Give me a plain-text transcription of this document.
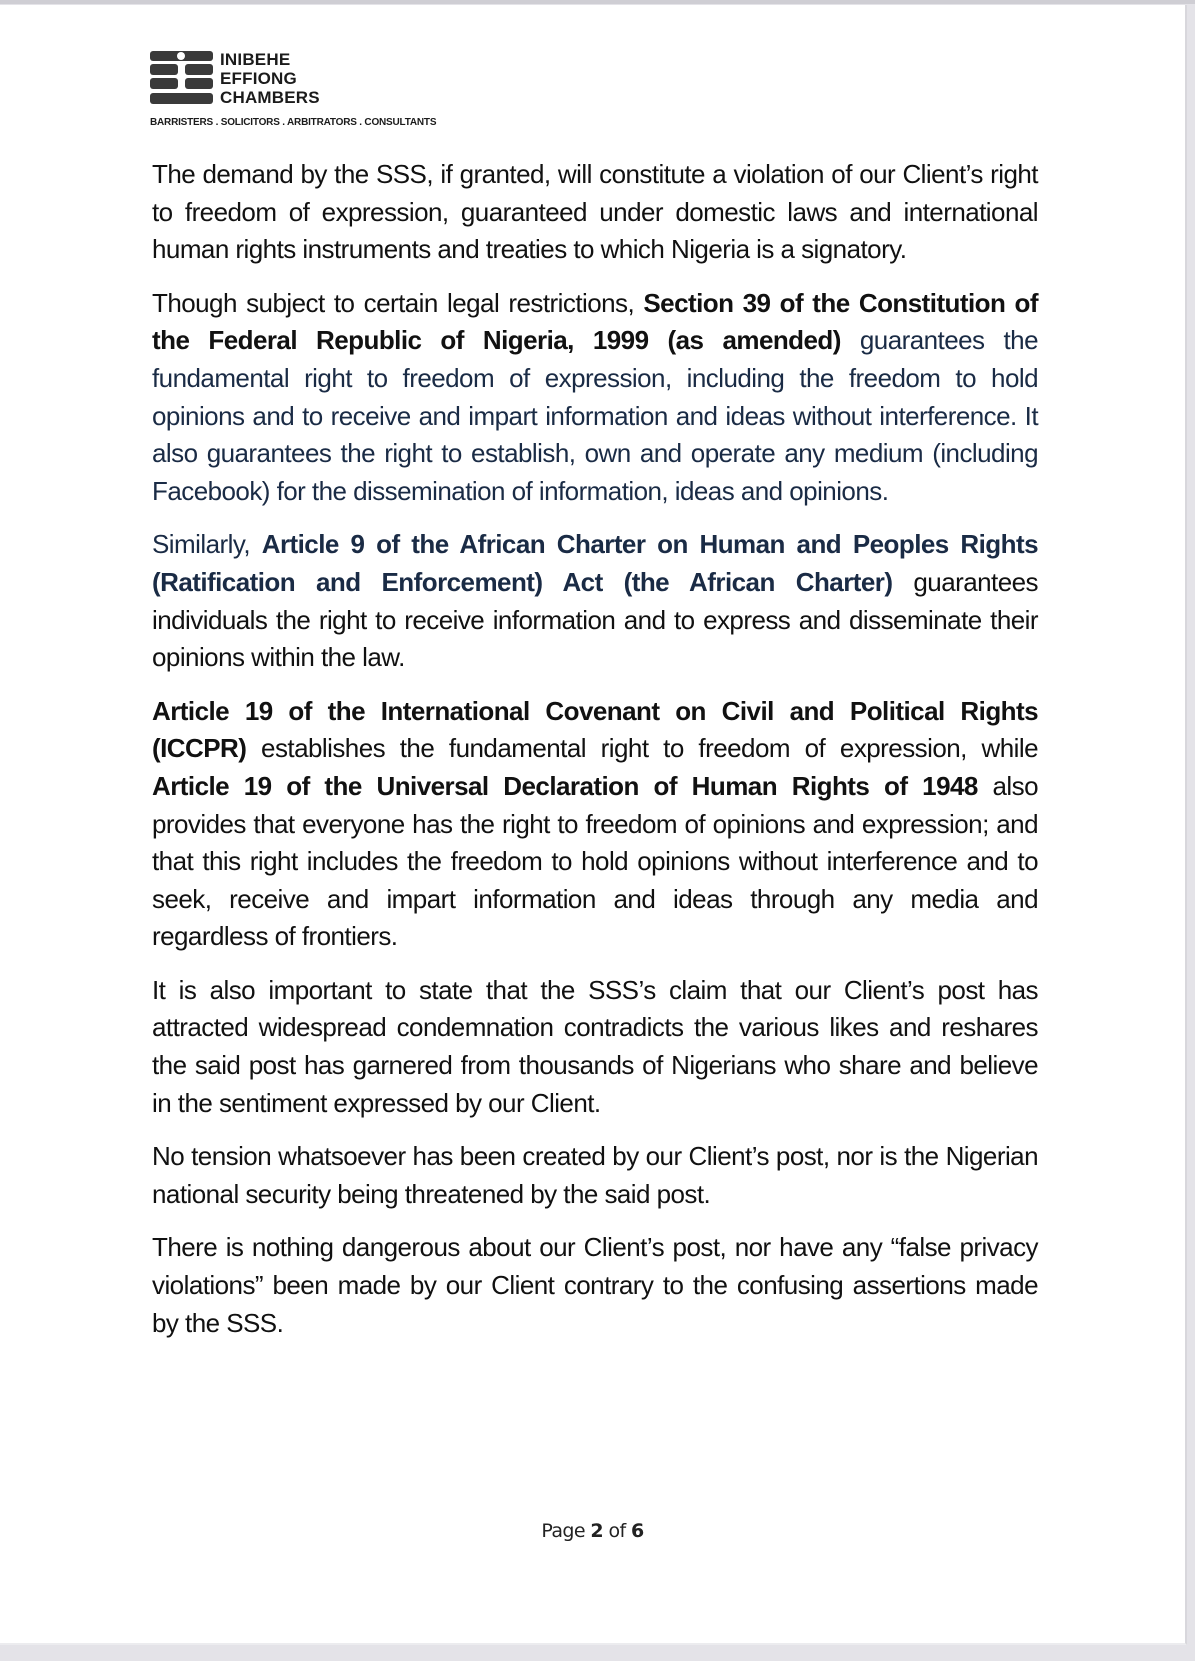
INIBEHE
EFFIONG
CHAMBERS
BARRISTERS . SOLICITORS . ARBITRATORS . CONSULTANTS

The demand by the SSS, if granted, will constitute a violation of our Client’s right to freedom of expression, guaranteed under domestic laws and international human rights instruments and treaties to which Nigeria is a signatory.

Though subject to certain legal restrictions, Section 39 of the Constitution of the Federal Republic of Nigeria, 1999 (as amended) guarantees the fundamental right to freedom of expression, including the freedom to hold opinions and to receive and impart information and ideas without interference. It also guarantees the right to establish, own and operate any medium (including Facebook) for the dissemination of information, ideas and opinions.

Similarly, Article 9 of the African Charter on Human and Peoples Rights (Ratification and Enforcement) Act (the African Charter) guarantees individuals the right to receive information and to express and disseminate their opinions within the law.

Article 19 of the International Covenant on Civil and Political Rights (ICCPR) establishes the fundamental right to freedom of expression, while Article 19 of the Universal Declaration of Human Rights of 1948 also provides that everyone has the right to freedom of opinions and expression; and that this right includes the freedom to hold opinions without interference and to seek, receive and impart information and ideas through any media and regardless of frontiers.

It is also important to state that the SSS’s claim that our Client’s post has attracted widespread condemnation contradicts the various likes and reshares the said post has garnered from thousands of Nigerians who share and believe in the sentiment expressed by our Client.

No tension whatsoever has been created by our Client’s post, nor is the Nigerian national security being threatened by the said post.

There is nothing dangerous about our Client’s post, nor have any “false privacy violations” been made by our Client contrary to the confusing assertions made by the SSS.

Page 2 of 6
